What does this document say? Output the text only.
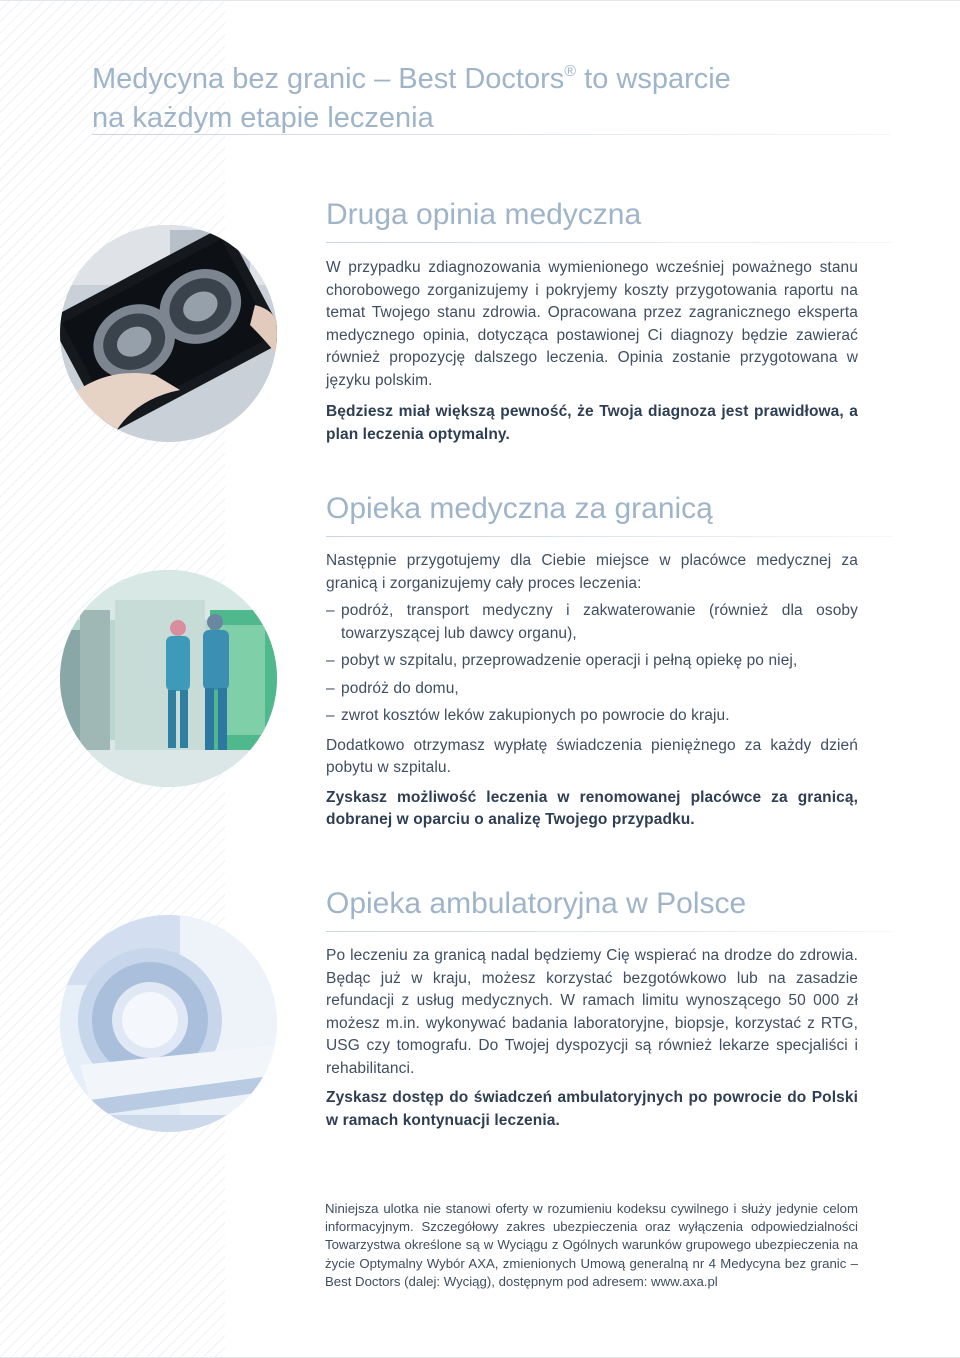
Medycyna bez granic – Best Doctors® to wsparcie
na każdym etapie leczenia
Druga opinia medyczna

W przypadku zdiagnozowania wymienionego wcześniej poważnego stanu chorobowego zorganizujemy i pokryjemy koszty przygotowania raportu na temat Twojego stanu zdrowia. Opracowana przez zagranicznego eksperta medycznego opinia, dotycząca postawionej Ci diagnozy będzie zawierać również propozycję dalszego leczenia. Opinia zostanie przygotowana w języku polskim.

Będziesz miał większą pewność, że Twoja diagnoza jest prawidłowa, a plan leczenia optymalny.

Opieka medyczna za granicą

Następnie przygotujemy dla Ciebie miejsce w placówce medycznej za granicą i zorganizujemy cały proces leczenia:

– podróż, transport medyczny i zakwaterowanie (również dla osoby towarzyszącej lub dawcy organu),

– pobyt w szpitalu, przeprowadzenie operacji i pełną opiekę po niej,

– podróż do domu,

– zwrot kosztów leków zakupionych po powrocie do kraju.

Dodatkowo otrzymasz wypłatę świadczenia pieniężnego za każdy dzień pobytu w szpitalu.

Zyskasz możliwość leczenia w renomowanej placówce za granicą, dobranej w oparciu o analizę Twojego przypadku.

Opieka ambulatoryjna w Polsce

Po leczeniu za granicą nadal będziemy Cię wspierać na drodze do zdrowia. Będąc już w kraju, możesz korzystać bezgotówkowo lub na zasadzie refundacji z usług medycznych. W ramach limitu wynoszącego 50 000 zł możesz m.in. wykonywać badania laboratoryjne, biopsje, korzystać z RTG, USG czy tomografu. Do Twojej dyspozycji są również lekarze specjaliści i rehabilitanci.

Zyskasz dostęp do świadczeń ambulatoryjnych po powrocie do Polski w ramach kontynuacji leczenia.

Niniejsza ulotka nie stanowi oferty w rozumieniu kodeksu cywilnego i służy jedynie celom informacyjnym. Szczegółowy zakres ubezpieczenia oraz wyłączenia odpowiedzialności Towarzystwa określone są w Wyciągu z Ogólnych warunków grupowego ubezpieczenia na życie Optymalny Wybór AXA, zmienionych Umową generalną nr 4 Medycyna bez granic – Best Doctors (dalej: Wyciąg), dostępnym pod adresem: www.axa.pl
